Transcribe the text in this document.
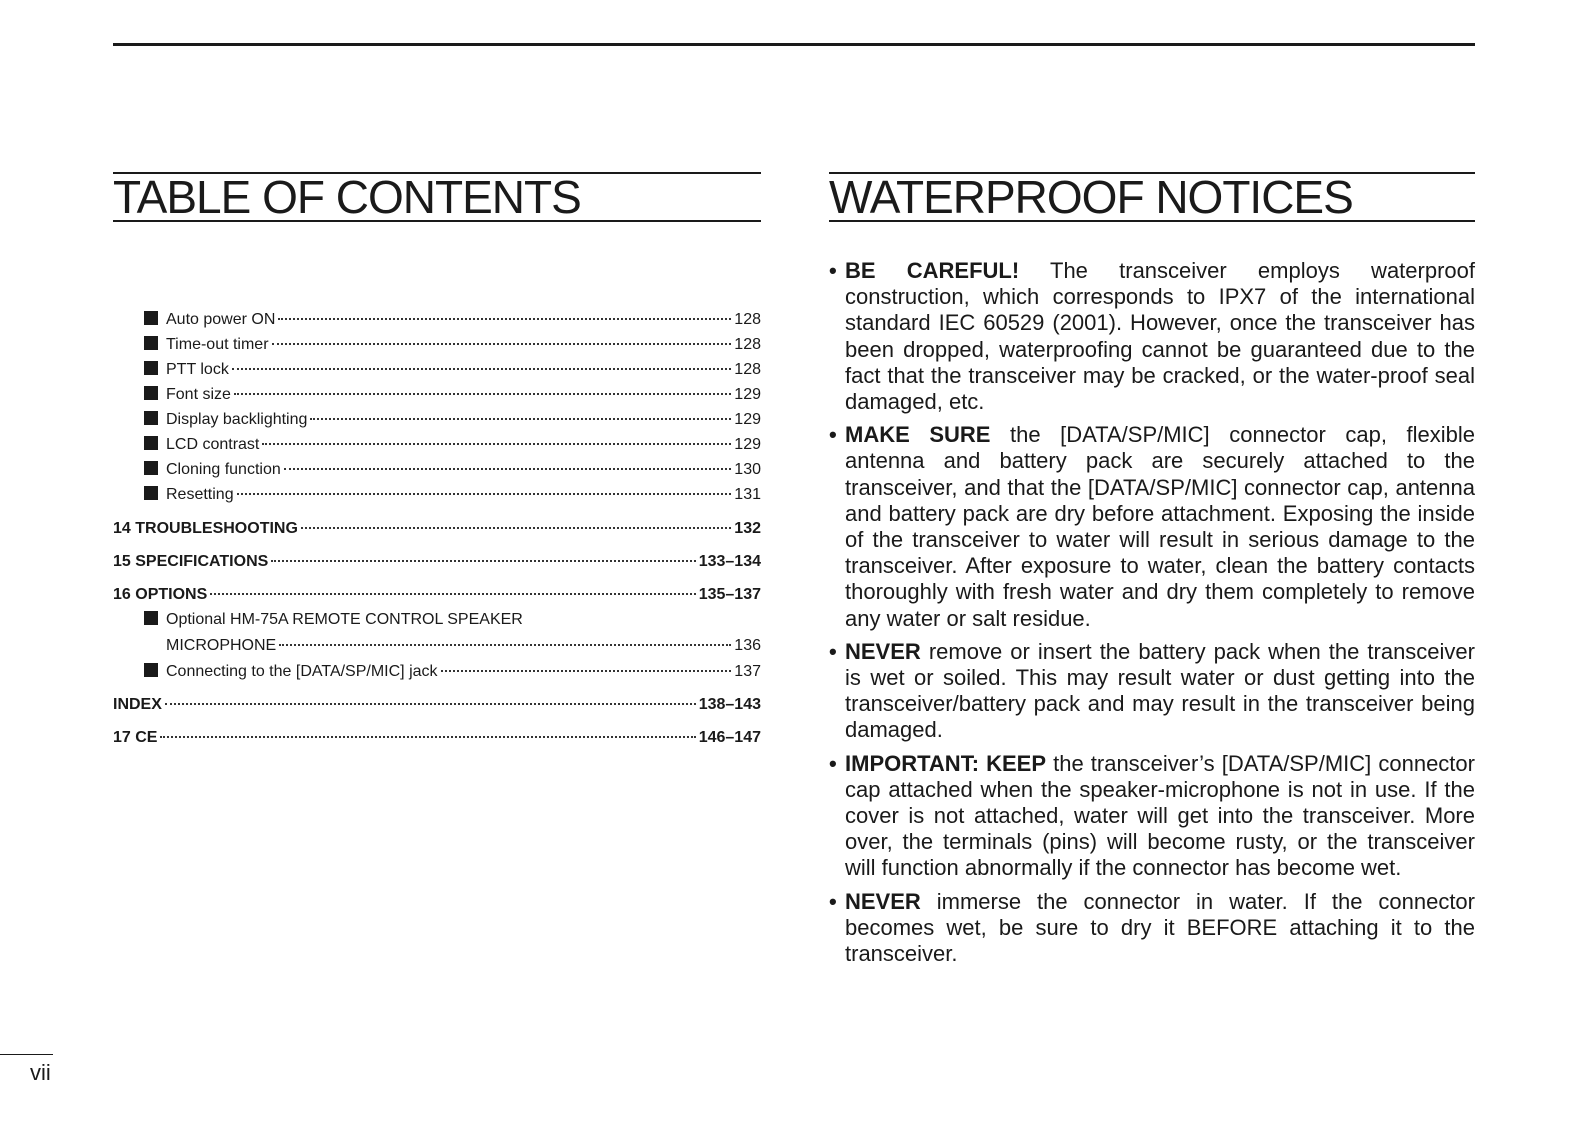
TABLE OF CONTENTS
Auto power ON	128
Time-out timer	128
PTT lock	128
Font size	129
Display backlighting	129
LCD contrast	129
Cloning function	130
Resetting	131
14 TROUBLESHOOTING	132
15 SPECIFICATIONS	133–134
16 OPTIONS	135–137
Optional HM-75A REMOTE CONTROL SPEAKER
MICROPHONE	136
Connecting to the [DATA/SP/MIC] jack	137
INDEX	138–143
17 CE	146–147
WATERPROOF NOTICES
• BE CAREFUL! The transceiver employs waterproof construction, which corresponds to IPX7 of the international standard IEC 60529 (2001). However, once the transceiver has been dropped, waterproofing cannot be guaranteed due to the fact that the transceiver may be cracked, or the water-proof seal damaged, etc.
• MAKE SURE the [DATA/SP/MIC] connector cap, flexible antenna and battery pack are securely attached to the transceiver, and that the [DATA/SP/MIC] connector cap, antenna and battery pack are dry before attachment. Exposing the inside of the transceiver to water will result in serious damage to the transceiver. After exposure to water, clean the battery contacts thoroughly with fresh water and dry them completely to remove any water or salt residue.
• NEVER remove or insert the battery pack when the transceiver is wet or soiled. This may result water or dust getting into the transceiver/battery pack and may result in the transceiver being damaged.
• IMPORTANT: KEEP the transceiver’s [DATA/SP/MIC] connector cap attached when the speaker-microphone is not in use. If the cover is not attached, water will get into the transceiver. More over, the terminals (pins) will become rusty, or the transceiver will function abnormally if the connector has become wet.
• NEVER immerse the connector in water. If the connector becomes wet, be sure to dry it BEFORE attaching it to the transceiver.
vii
